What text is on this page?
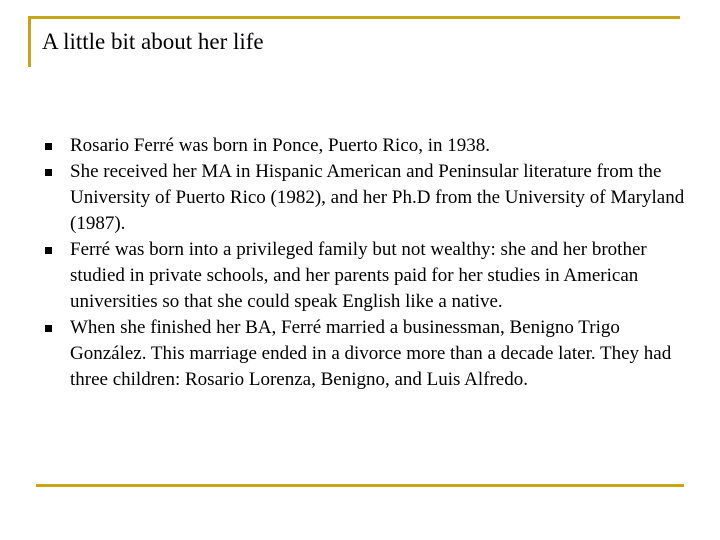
A little bit about her life
Rosario Ferré was born in Ponce, Puerto Rico, in 1938.
She received her MA in Hispanic American and Peninsular literature from the University of Puerto Rico (1982), and her Ph.D from the University of Maryland (1987).
Ferré was born into a privileged family but not wealthy: she and her brother studied in private schools, and her parents paid for her studies in American universities so that she could speak English like a native.
When she finished her BA, Ferré married a businessman, Benigno Trigo González. This marriage ended in a divorce more than a decade later. They had three children: Rosario Lorenza, Benigno, and Luis Alfredo.
